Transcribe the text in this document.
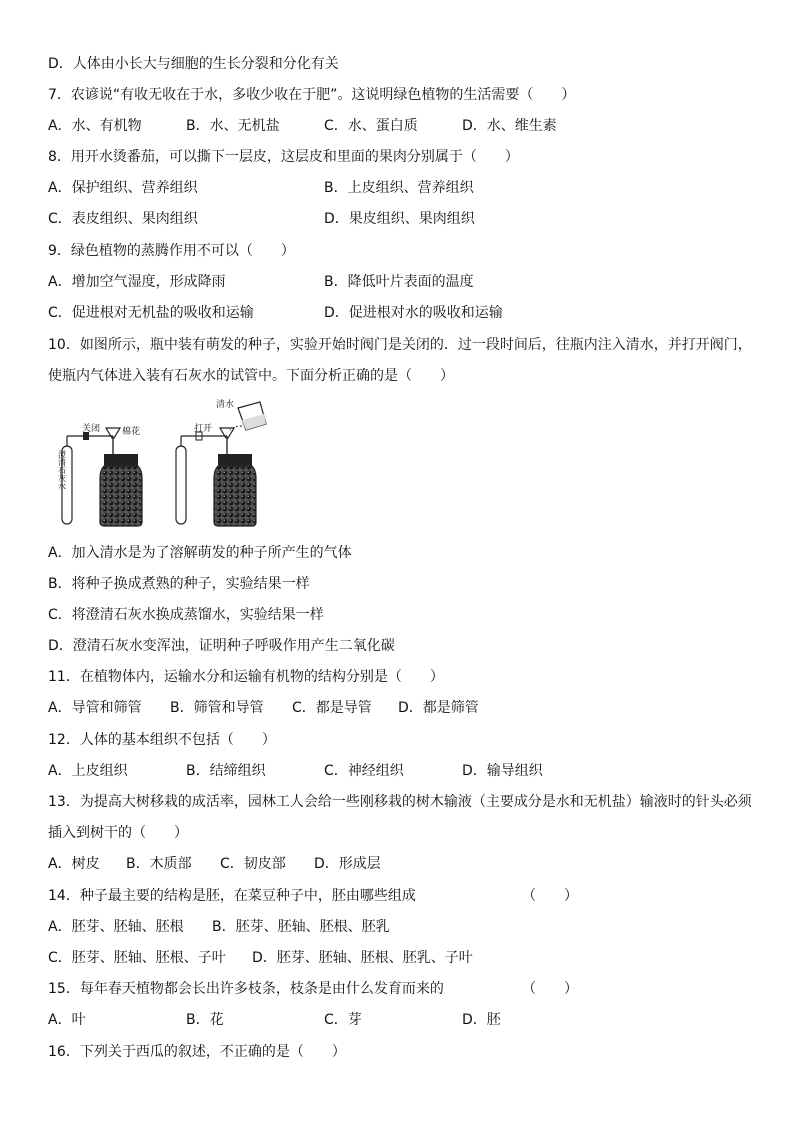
D．人体由小长大与细胞的生长分裂和分化有关
7．农谚说“有收无收在于水，多收少收在于肥”。这说明绿色植物的生活需要（　　）
A．水、有机物	B．水、无机盐	C．水、蛋白质	D．水、维生素
8．用开水烫番茄，可以撕下一层皮，这层皮和里面的果肉分别属于（　　）
A．保护组织、营养组织	B．上皮组织、营养组织
C．表皮组织、果肉组织	D．果皮组织、果肉组织
9．绿色植物的蒸腾作用不可以（　　）
A．增加空气湿度，形成降雨	B．降低叶片表面的温度
C．促进根对无机盐的吸收和运输	D．促进根对水的吸收和运输
10．如图所示，瓶中装有萌发的种子，实验开始时阀门是关闭的．过一段时间后，往瓶内注入清水，并打开阀门，
使瓶内气体进入装有石灰水的试管中。下面分析正确的是（　　）
关闭 棉花
澄清石灰水
打开
清水
A．加入清水是为了溶解萌发的种子所产生的气体
B．将种子换成煮熟的种子，实验结果一样
C．将澄清石灰水换成蒸馏水，实验结果一样
D．澄清石灰水变浑浊，证明种子呼吸作用产生二氧化碳
11．在植物体内，运输水分和运输有机物的结构分别是（　　）
A．导管和筛管 B．筛管和导管 C．都是导管 D．都是筛管
12．人体的基本组织不包括（　　）
A．上皮组织	B．结缔组织	C．神经组织	D．输导组织
13．为提高大树移栽的成活率，园林工人会给一些刚移栽的树木输液（主要成分是水和无机盐）输液时的针头必须
插入到树干的（　　）
A．树皮 B．木质部 C．韧皮部 D．形成层
14．种子最主要的结构是胚，在菜豆种子中，胚由哪些组成	（　　）
A．胚芽、胚轴、胚根 B．胚芽、胚轴、胚根、胚乳
C．胚芽、胚轴、胚根、子叶 D．胚芽、胚轴、胚根、胚乳、子叶
15．每年春天植物都会长出许多枝条，枝条是由什么发育而来的	（　　）
A．叶	B．花	C．芽	D．胚
16．下列关于西瓜的叙述，不正确的是（　　）
